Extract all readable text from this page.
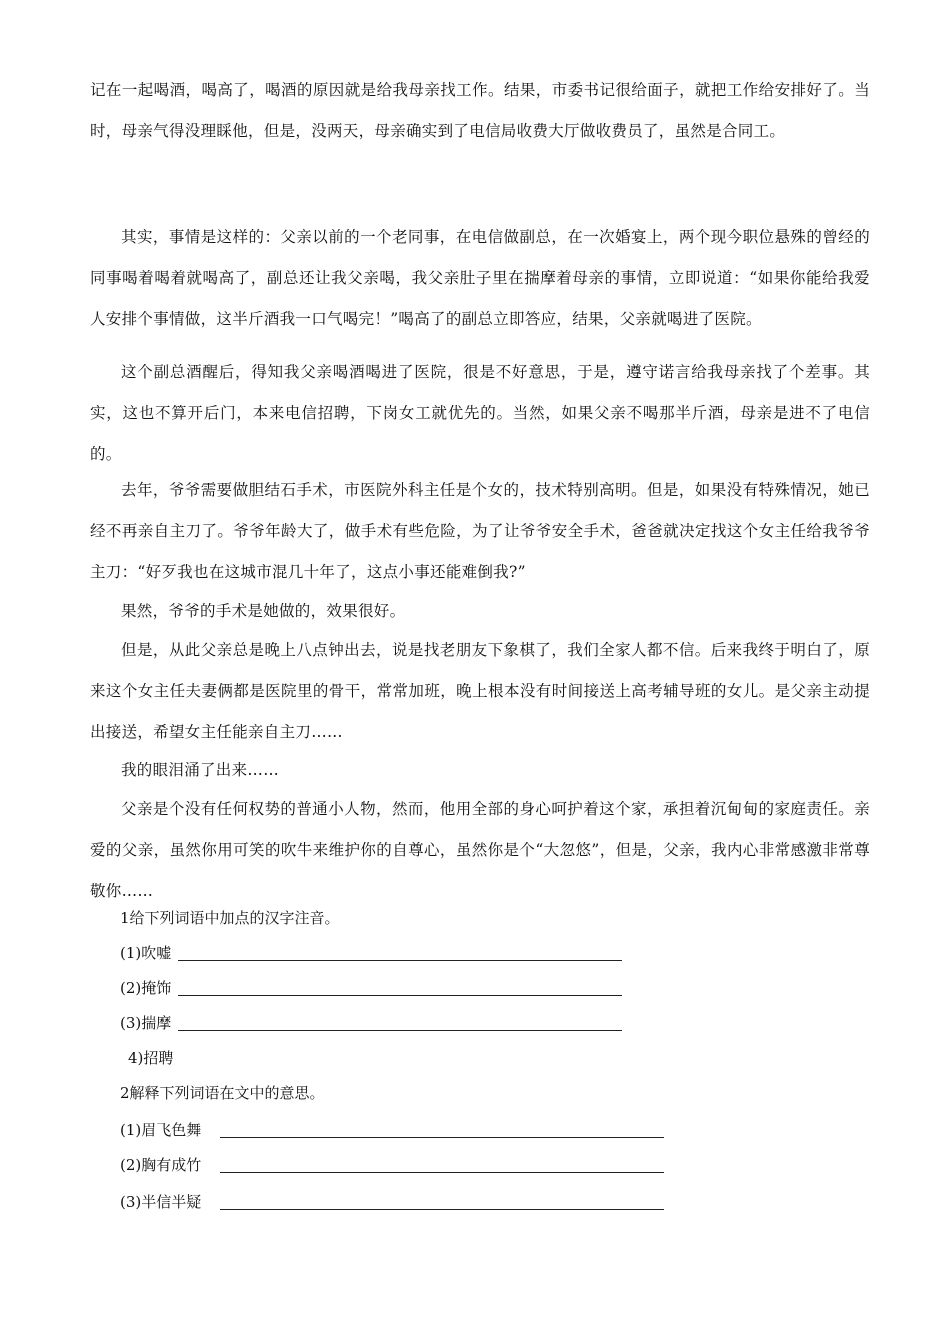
记在一起喝酒，喝高了，喝酒的原因就是给我母亲找工作。结果，市委书记很给面子，就把工作给安排好了。当时，母亲气得没理睬他，但是，没两天，母亲确实到了电信局收费大厅做收费员了，虽然是合同工。

其实，事情是这样的：父亲以前的一个老同事，在电信做副总，在一次婚宴上，两个现今职位悬殊的曾经的同事喝着喝着就喝高了，副总还让我父亲喝，我父亲肚子里在揣摩着母亲的事情，立即说道：“如果你能给我爱人安排个事情做，这半斤酒我一口气喝完！”喝高了的副总立即答应，结果，父亲就喝进了医院。

这个副总酒醒后，得知我父亲喝酒喝进了医院，很是不好意思，于是，遵守诺言给我母亲找了个差事。其实，这也不算开后门，本来电信招聘，下岗女工就优先的。当然，如果父亲不喝那半斤酒，母亲是进不了电信的。

去年，爷爷需要做胆结石手术，市医院外科主任是个女的，技术特别高明。但是，如果没有特殊情况，她已经不再亲自主刀了。爷爷年龄大了，做手术有些危险，为了让爷爷安全手术，爸爸就决定找这个女主任给我爷爷主刀：“好歹我也在这城市混几十年了，这点小事还能难倒我?”

果然，爷爷的手术是她做的，效果很好。

但是，从此父亲总是晚上八点钟出去，说是找老朋友下象棋了，我们全家人都不信。后来我终于明白了，原来这个女主任夫妻俩都是医院里的骨干，常常加班，晚上根本没有时间接送上高考辅导班的女儿。是父亲主动提出接送，希望女主任能亲自主刀……

我的眼泪涌了出来……

父亲是个没有任何权势的普通小人物，然而，他用全部的身心呵护着这个家，承担着沉甸甸的家庭责任。亲爱的父亲，虽然你用可笑的吹牛来维护你的自尊心，虽然你是个“大忽悠”，但是，父亲，我内心非常感激非常尊敬你……

1给下列词语中加点的汉字注音。

(1)吹嘘

(2)掩饰

(3)揣摩

4)招聘

2解释下列词语在文中的意思。

(1)眉飞色舞

(2)胸有成竹

(3)半信半疑
